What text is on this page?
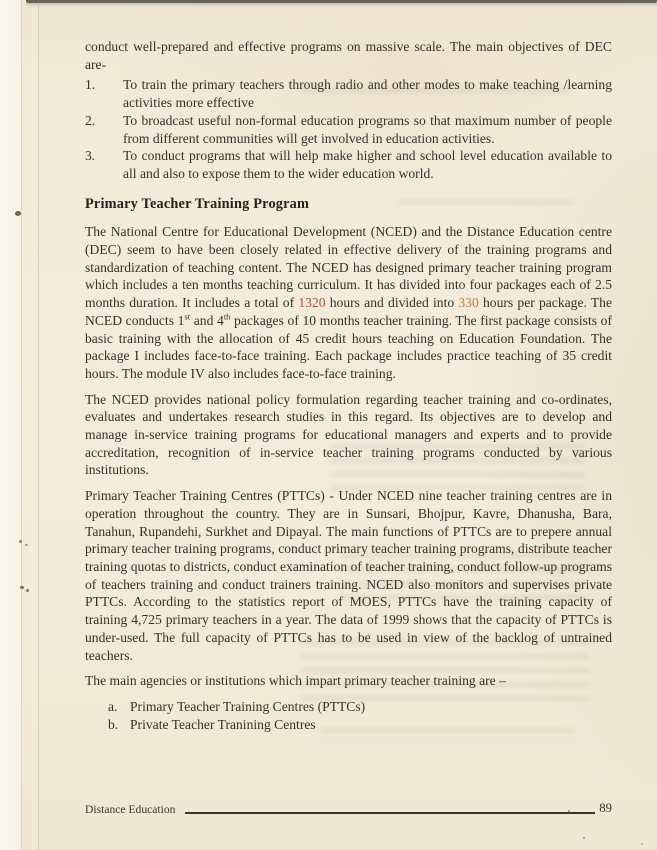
conduct well-prepared and effective programs on massive scale. The main objectives of DEC are-

1.	To train the primary teachers through radio and other modes to make teaching /learning activities more effective
2.	To broadcast useful non-formal education programs so that maximum number of people from different communities will get involved in education activities.
3.	To conduct programs that will help make higher and school level education available to all and also to expose them to the wider education world.
Primary Teacher Training Program

The National Centre for Educational Development (NCED) and the Distance Education centre (DEC) seem to have been closely related in effective delivery of the training programs and standardization of teaching content. The NCED has designed primary teacher training program which includes a ten months teaching curriculum. It has divided into four packages each of 2.5 months duration. It includes a total of 1320 hours and divided into 330 hours per package. The NCED conducts 1st and 4th packages of 10 months teacher training. The first package consists of basic training with the allocation of 45 credit hours teaching on Education Foundation. The package I includes face-to-face training. Each package includes practice teaching of 35 credit hours. The module IV also includes face-to-face training.

The NCED provides national policy formulation regarding teacher training and co-ordinates, evaluates and undertakes research studies in this regard. Its objectives are to develop and manage in-service training programs for educational managers and experts and to provide accreditation, recognition of in-service teacher training programs conducted by various institutions.

Primary Teacher Training Centres (PTTCs) - Under NCED nine teacher training centres are in operation throughout the country. They are in Sunsari, Bhojpur, Kavre, Dhanusha, Bara, Tanahun, Rupandehi, Surkhet and Dipayal. The main functions of PTTCs are to prepere annual primary teacher training programs, conduct primary teacher training programs, distribute teacher training quotas to districts, conduct examination of teacher training, conduct follow-up programs of teachers training and conduct trainers training. NCED also monitors and supervises private PTTCs. According to the statistics report of MOES, PTTCs have the training capacity of training 4,725 primary teachers in a year. The data of 1999 shows that the capacity of PTTCs is under-used. The full capacity of PTTCs has to be used in view of the backlog of untrained teachers.

The main agencies or institutions which impart primary teacher training are –

a. Primary Teacher Training Centres (PTTCs)
b. Private Teacher Tranining Centres
Distance Education	89
